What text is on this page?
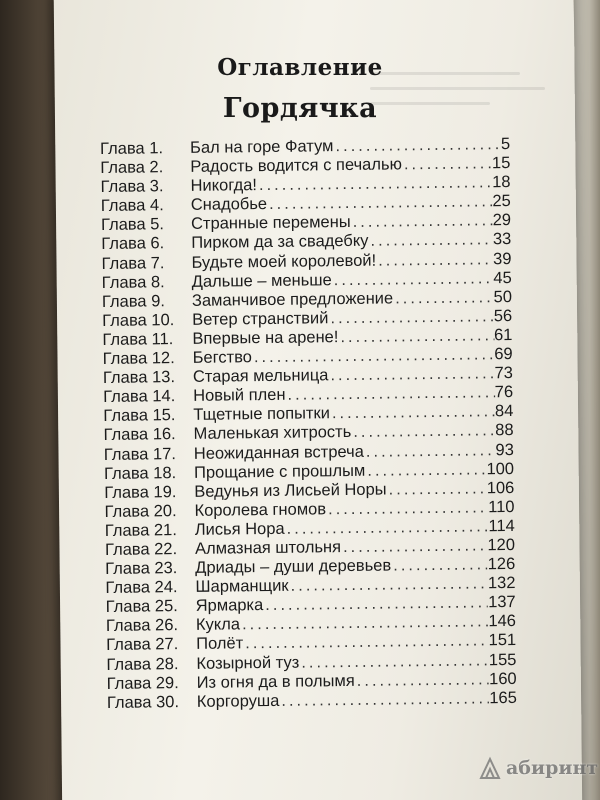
Оглавление
Гордячка
Глава 1.	Бал на горе Фатум .....	5
Глава 2.	Радость водится с печалью .....	15
Глава 3.	Никогда! .....	18
Глава 4.	Снадобье .....	25
Глава 5.	Странные перемены .....	29
Глава 6.	Пирком да за свадебку .....	33
Глава 7.	Будьте моей королевой! .....	39
Глава 8.	Дальше – меньше .....	45
Глава 9.	Заманчивое предложение .....	50
Глава 10.	Ветер странствий .....	56
Глава 11.	Впервые на арене! .....	61
Глава 12.	Бегство .....	69
Глава 13.	Старая мельница .....	73
Глава 14.	Новый плен .....	76
Глава 15.	Тщетные попытки .....	84
Глава 16.	Маленькая хитрость .....	88
Глава 17.	Неожиданная встреча .....	93
Глава 18.	Прощание с прошлым .....	100
Глава 19.	Ведунья из Лисьей Норы .....	106
Глава 20.	Королева гномов .....	110
Глава 21.	Лисья Нора .....	114
Глава 22.	Алмазная штольня .....	120
Глава 23.	Дриады – души деревьев .....	126
Глава 24.	Шарманщик .....	132
Глава 25.	Ярмарка .....	137
Глава 26.	Кукла .....	146
Глава 27.	Полёт .....	151
Глава 28.	Козырной туз .....	155
Глава 29.	Из огня да в полымя .....	160
Глава 30.	Коргоруша .....	165
абиринт
